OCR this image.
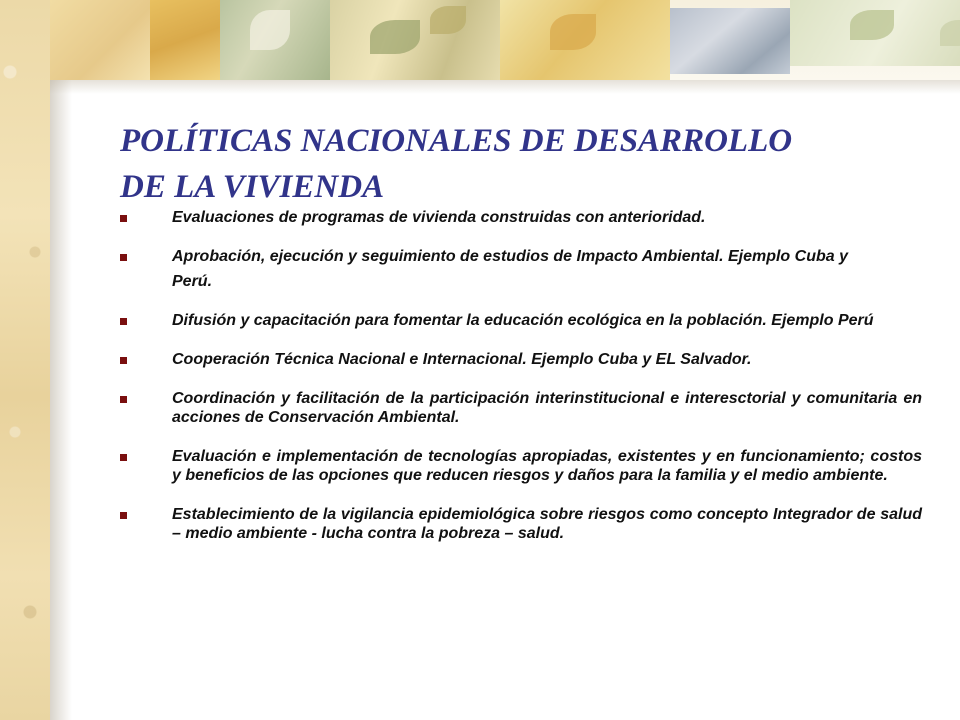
POLÍTICAS NACIONALES DE DESARROLLO
DE LA VIVIENDA
Evaluaciones de programas de vivienda construidas con anterioridad.
Aprobación, ejecución y seguimiento de estudios de Impacto Ambiental. Ejemplo Cuba y
Perú.
Difusión y capacitación para fomentar la educación ecológica en la población. Ejemplo Perú
Cooperación Técnica Nacional e Internacional. Ejemplo Cuba y EL Salvador.
Coordinación y facilitación de la participación interinstitucional e interesctorial y comunitaria en acciones de Conservación Ambiental.
Evaluación e implementación de tecnologías apropiadas, existentes y en funcionamiento; costos y beneficios de las opciones que reducen riesgos y daños para la familia y el medio ambiente.
Establecimiento de la vigilancia epidemiológica sobre riesgos como concepto Integrador de salud – medio ambiente - lucha contra la pobreza – salud.
